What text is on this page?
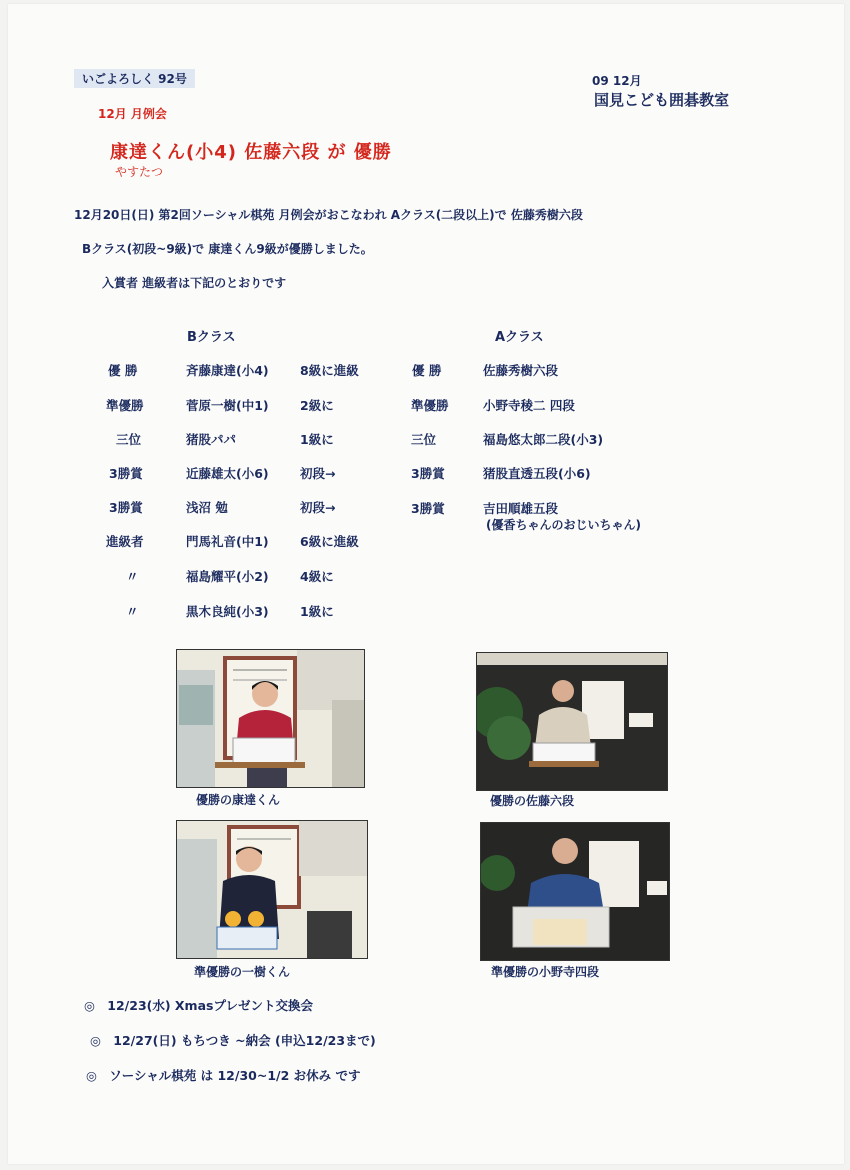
いごよろしく 92号	09 12月
国見こども囲碁教室
12月 月例会
康達くん(小4) 佐藤六段 が 優勝
やすたつ
12月20日(日) 第2回ソーシャル棋苑 月例会がおこなわれ Aクラス(二段以上)で 佐藤秀樹六段
Bクラス(初段~9級)で 康達くん9級が優勝しました。
入賞者 進級者は下記のとおりです
Bクラス	Aクラス
優 勝	斉藤康達(小4)	8級に進級
準優勝	菅原一樹(中1)	2級に
三位	猪股パパ	1級に
3勝賞	近藤雄太(小6)	初段→
3勝賞	浅沼 勉	初段→
進級者	門馬礼音(中1)	6級に進級
〃	福島耀平(小2)	4級に
〃	黒木良純(小3)	1級に
優 勝	佐藤秀樹六段
準優勝	小野寺稜二 四段
三位	福島悠太郎二段(小3)
3勝賞	猪股直透五段(小6)
3勝賞	吉田順雄五段
(優香ちゃんのおじいちゃん)
優勝の康達くん	優勝の佐藤六段
準優勝の一樹くん	準優勝の小野寺四段
◎ 12/23(水) Xmasプレゼント交換会
◎ 12/27(日) もちつき ~納会 (申込12/23まで)
◎ ソーシャル棋苑 は 12/30~1/2 お休み です
